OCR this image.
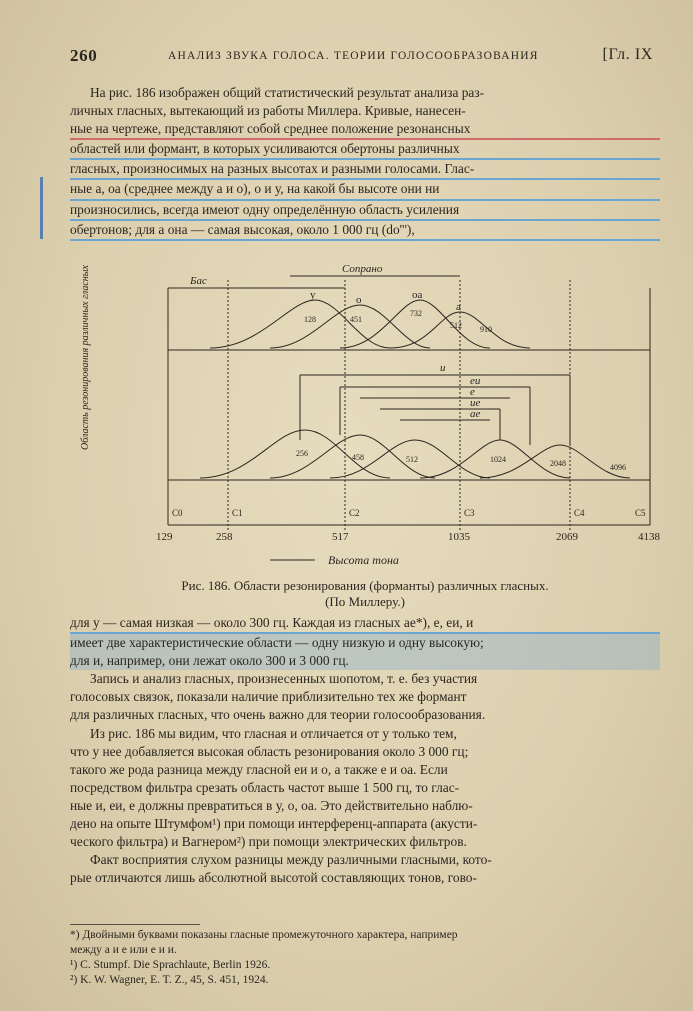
260	АНАЛИЗ ЗВУКА ГОЛОСА. ТЕОРИИ ГОЛОСООБРАЗОВАНИЯ	[Гл. IX

На рис. 186 изображен общий статистический результат анализа раз-

личных гласных, вытекающий из работы Миллера. Кривые, нанесен-

ные на чертеже, представляют собой среднее положение резонансных

областей или формант, в которых усиливаются обертоны различных

гласных, произносимых на разных высотах и разными голосами. Глас-

ные а, оа (среднее между а и о), о и у, на какой бы высоте они ни

произносились, всегда имеют одну определённую область усиления

обертонов; для а она — самая высокая, около 1 000 гц (do'''),

Бас
Сопрано
у	о	оа
а
128	451
732
512 910
и
еи
е
ие
ае
256	458	512	1024	2048	4096
C0	C1	C2	C3	C4	C5
129	258	517	1035	2069	4138
Высота тона
Область резонирования различных гласных
Рис. 186. Области резонирования (форманты) различных гласных.
(По Миллеру.)

для у — самая низкая — около 300 гц. Каждая из гласных ае*), е, еи, и

имеет две характеристические области — одну низкую и одну высокую;

для и, например, они лежат около 300 и 3 000 гц.

Запись и анализ гласных, произнесенных шопотом, т. е. без участия

голосовых связок, показали наличие приблизительно тех же формант

для различных гласных, что очень важно для теории голосообразования.

Из рис. 186 мы видим, что гласная и отличается от у только тем,

что у нее добавляется высокая область резонирования около 3 000 гц;

такого же рода разница между гласной еи и о, а также е и оа. Если

посредством фильтра срезать область частот выше 1 500 гц, то глас-

ные и, еи, е должны превратиться в у, о, оа. Это действительно наблю-

дено на опыте Штумфом¹) при помощи интерференц-аппарата (акусти-

ческого фильтра) и Вагнером²) при помощи электрических фильтров.

Факт восприятия слухом разницы между различными гласными, кото-

рые отличаются лишь абсолютной высотой составляющих тонов, гово-

*) Двойными буквами показаны гласные промежуточного характера, например
между а и е или е и и.
¹) C. Stumpf. Die Sprachlaute, Berlin 1926.
²) K. W. Wagner, E. T. Z., 45, S. 451, 1924.
